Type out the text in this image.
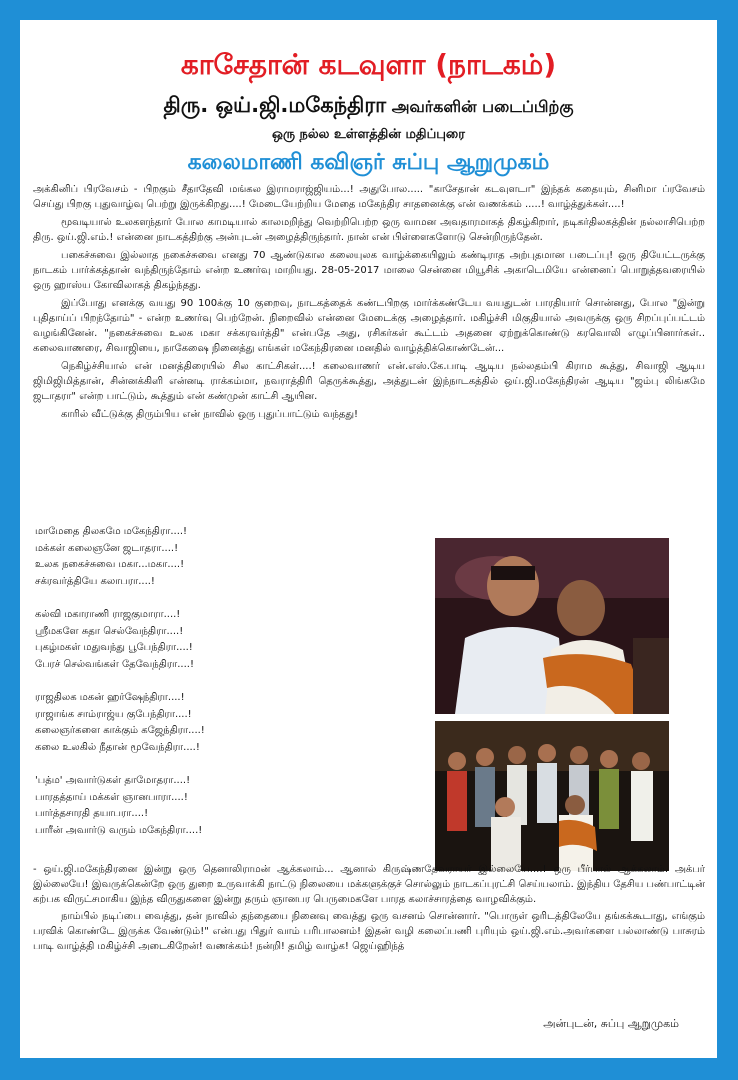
காசேதான் கடவுளா (நாடகம்)
திரு. ஒய்.ஜி.மகேந்திரா அவர்களின் படைப்பிற்கு
ஒரு நல்ல உள்ளத்தின் மதிப்புரை
கலைமாணி கவிஞர் சுப்பு ஆறுமுகம்

அக்கினிப் பிரவேசம் - பிறகும் சீதாதேவி மங்கல இராமராஜ்ஜியம்...! அதுபோல..... "காசேதான் கடவுளடா" இந்தக் கதையும், சினிமா ப்ரவேசம் செய்து பிறகு புதுவாழ்வு பெற்று இருக்கிறது....! மேடையேற்றிய மேதை மகேந்திர சாதனைக்கு என் வணக்கம் .....! வாழ்த்துக்கள்....!

மூவடியால் உலகளந்தார் போல காமடியால் காலமறிந்து வெற்றிபெற்ற ஒரு வாமன அவதாரமாகத் திகழ்கிறார், நடிகர்திலகத்தின் நல்லாசிபெற்ற திரு. ஒய்.ஜி.எம்.! என்னை நாடகத்திற்கு அன்புடன் அழைத்திருந்தார். நான் என் பிள்ளைகளோடு சென்றிருந்தேன்.

பகைச்சுவை இல்லாத நகைச்சுவை எனது 70 ஆண்டுகால கலையுலக வாழ்க்கையிலும் கண்டிராத அற்புதமான படைப்பு! ஒரு தியேட்டருக்கு நாடகம் பார்க்கத்தான் வந்திருந்தோம் என்ற உணர்வு மாறியது. 28-05-2017 மாலை சென்னை மியூசிக் அகாடெமியே என்னைப் பொறுத்தவரையில் ஒரு ஹாஸ்ய கோவிலாகத் திகழ்ந்தது.

இப்போது எனக்கு வயது 90 100க்கு 10 குறைவு, நாடகத்தைக் கண்டபிறகு மார்க்கண்டேய வயதுடன் பாரதியார் சொன்னது, போல "இன்று புதிதாய்ப் பிறந்தோம்" - என்ற உணர்வு பெற்றேன். நிறைவில் என்னை மேடைக்கு அழைத்தார். மகிழ்ச்சி மிகுதியால் அவருக்கு ஒரு சிறப்புப்பட்டம் வழங்கினேன். "நகைச்சுவை உலக மகா சக்கரவர்த்தி" என்பதே அது, ரசிகர்கள் கூட்டம் அதனை ஏற்றுக்கொண்டு கரவொலி எழுப்பினார்கள்.. கலைவாணரை, சிவாஜியை, நாகேஷை நினைத்து எங்கள் மகேந்திரனை மனதில் வாழ்த்திக்கொண்டேன்...

நெகிழ்ச்சியால் என் மனத்திரையில் சில காட்சிகள்....! கலைவாணர் என்.எஸ்.கே.பாடி ஆடிய நல்லதம்பி கிராம கூத்து, சிவாஜி ஆடிய ஜிமிஜிமித்தான், சின்னக்கிளி என்னடி ராக்கம்மா, நவராத்திரி தெருக்கூத்து, அத்துடன் இந்நாடகத்தில் ஒய்.ஜி.மகேந்திரன் ஆடிய "ஜம்பு லிங்கமே ஜடாதரா" என்ற பாட்டும், கூத்தும் என் கண்முன் காட்சி ஆயின.

காரில் வீட்டுக்கு திரும்பிய என் நாவில் ஒரு புதுப்பாட்டும் வந்தது!

மாமேதை திலகமே மகேந்திரா....!
மக்கள் கலைஞனே ஜடாதரா....!
உலக நகைச்சுவை மகா...மகா....!
சக்ரவர்த்தியே கலாபரா....!
கல்வி மகாராணி ராஜகுமாரா....!
ஸ்ரீமகளே சுதா செல்வேந்திரா....!
புகழ்மகள் மதுவந்து பூபேந்திரா....!
பேரச் செல்வங்கள் தேவேந்திரா....!
ராஜதிலக மகன் ஹர்ஷேந்திரா....!
ராஜாங்க சாம்ராஜ்ய குபேந்திரா....!
கலைஞர்களை காக்கும் கஜேந்திரா....!
கலை உலகில் நீதான் மூவேந்திரா....!
'பத்ம' அவார்டுகள் தாமோதரா....!
பாரதத்தாய் மக்கள் ஞானபாரா....!
பார்த்தசாரதி தயாபரா....!
பாரீன் அவார்டு வரும் மகேந்திரா....!

- ஒய்.ஜி.மகேந்திரனை இன்று ஒரு தெனாலிராமன் ஆக்கலாம்... ஆனால் கிருஷ்ணதேவராயர் இல்லையே....! ஒரு பீர்பால் ஆக்கலாம். அக்பர் இல்லையே! இவருக்கென்றே ஒரு துறை உருவாக்கி நாட்டு நிலையை மக்களுக்குச் சொல்லும் நாடகப்புரட்சி செய்யலாம். இந்திய தேசிய பண்பாட்டின் கற்பக விருட்சமாகிய இந்த விருதுகளை இன்று தரும் ஞானபர பெருமைகளே பாரத கலாச்சாரத்தை வாழவிக்கும்.

நாம்பில் நடிப்பை வைத்து, தன் நாவில் தந்தையை நினைவு வைத்து ஒரு வசனம் சொன்னார். "பொருள் ஒரிடத்திலேயே தங்கக்கூடாது, எங்கும் பரவிக் கொண்டே இருக்க வேண்டும்!" என்பது பிதுர் வாம் பரிபாலனம்! இதன் வழி கலைப்பணி புரியும் ஒய்.ஜி.எம்.அவர்களை பல்லாண்டு பாசுரம் பாடி வாழ்த்தி மகிழ்ச்சி அடைகிறேன்! வணக்கம்! நன்றி! தமிழ் வாழ்க! ஜெய்ஹிந்த்

அன்புடன், சுப்பு ஆறுமுகம்
